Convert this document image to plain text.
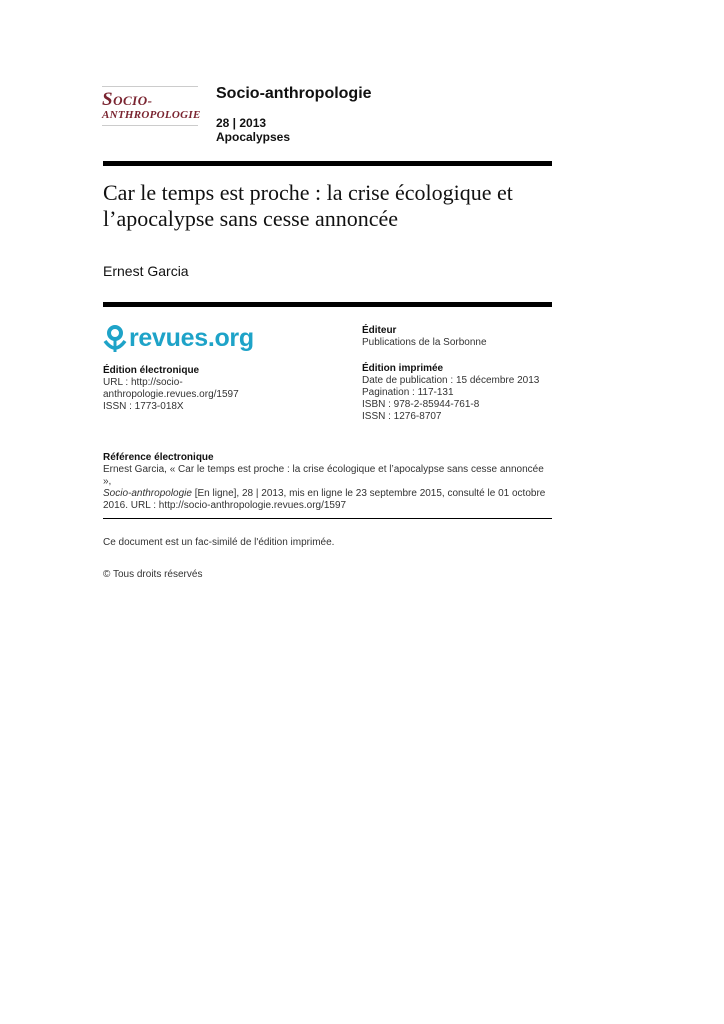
SOCIO-
ANTHROPOLOGIE
Socio-anthropologie
28 | 2013
Apocalypses
Car le temps est proche : la crise écologique et l’apocalypse sans cesse annoncée
Ernest Garcia
revues.org
Édition électronique
URL : http://socio-
anthropologie.revues.org/1597
ISSN : 1773-018X
Éditeur
Publications de la Sorbonne
Édition imprimée
Date de publication : 15 décembre 2013
Pagination : 117-131
ISBN : 978-2-85944-761-8
ISSN : 1276-8707
Référence électronique
Ernest Garcia, « Car le temps est proche : la crise écologique et l’apocalypse sans cesse annoncée »,
Socio-anthropologie [En ligne], 28 | 2013, mis en ligne le 23 septembre 2015, consulté le 01 octobre
2016. URL : http://socio-anthropologie.revues.org/1597
Ce document est un fac-similé de l'édition imprimée.
© Tous droits réservés
